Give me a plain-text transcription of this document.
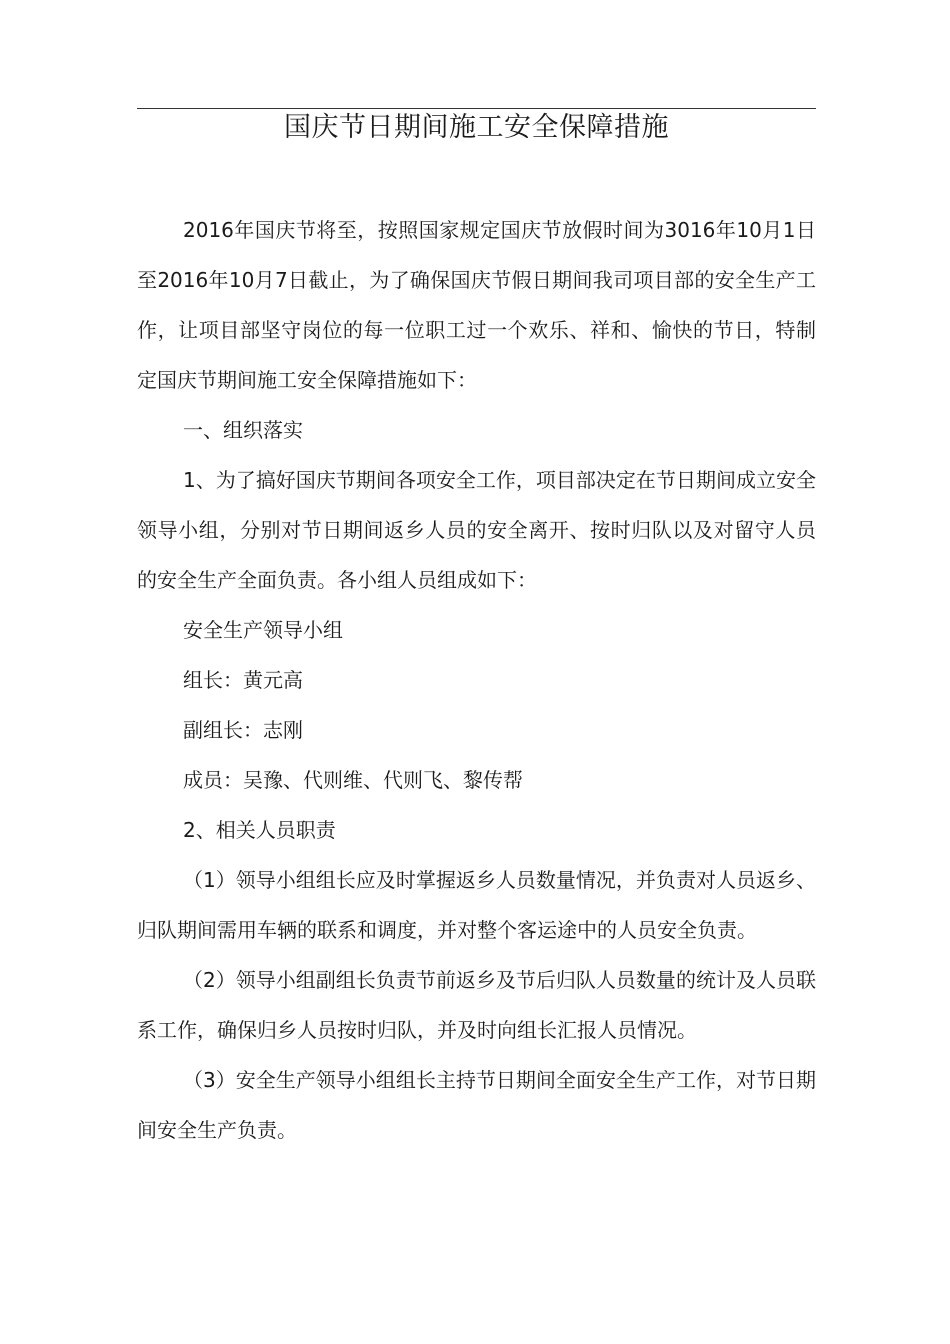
国庆节日期间施工安全保障措施

2016年国庆节将至，按照国家规定国庆节放假时间为3016年10月1日至2016年10月7日截止，为了确保国庆节假日期间我司项目部的安全生产工作，让项目部坚守岗位的每一位职工过一个欢乐、祥和、愉快的节日，特制定国庆节期间施工安全保障措施如下：

一、组织落实

1、为了搞好国庆节期间各项安全工作，项目部决定在节日期间成立安全领导小组，分别对节日期间返乡人员的安全离开、按时归队以及对留守人员的安全生产全面负责。各小组人员组成如下：

安全生产领导小组

组长：黄元高

副组长：志刚

成员：吴豫、代则维、代则飞、黎传帮

2、相关人员职责

（1）领导小组组长应及时掌握返乡人员数量情况，并负责对人员返乡、归队期间需用车辆的联系和调度，并对整个客运途中的人员安全负责。

（2）领导小组副组长负责节前返乡及节后归队人员数量的统计及人员联系工作，确保归乡人员按时归队，并及时向组长汇报人员情况。

（3）安全生产领导小组组长主持节日期间全面安全生产工作，对节日期间安全生产负责。
